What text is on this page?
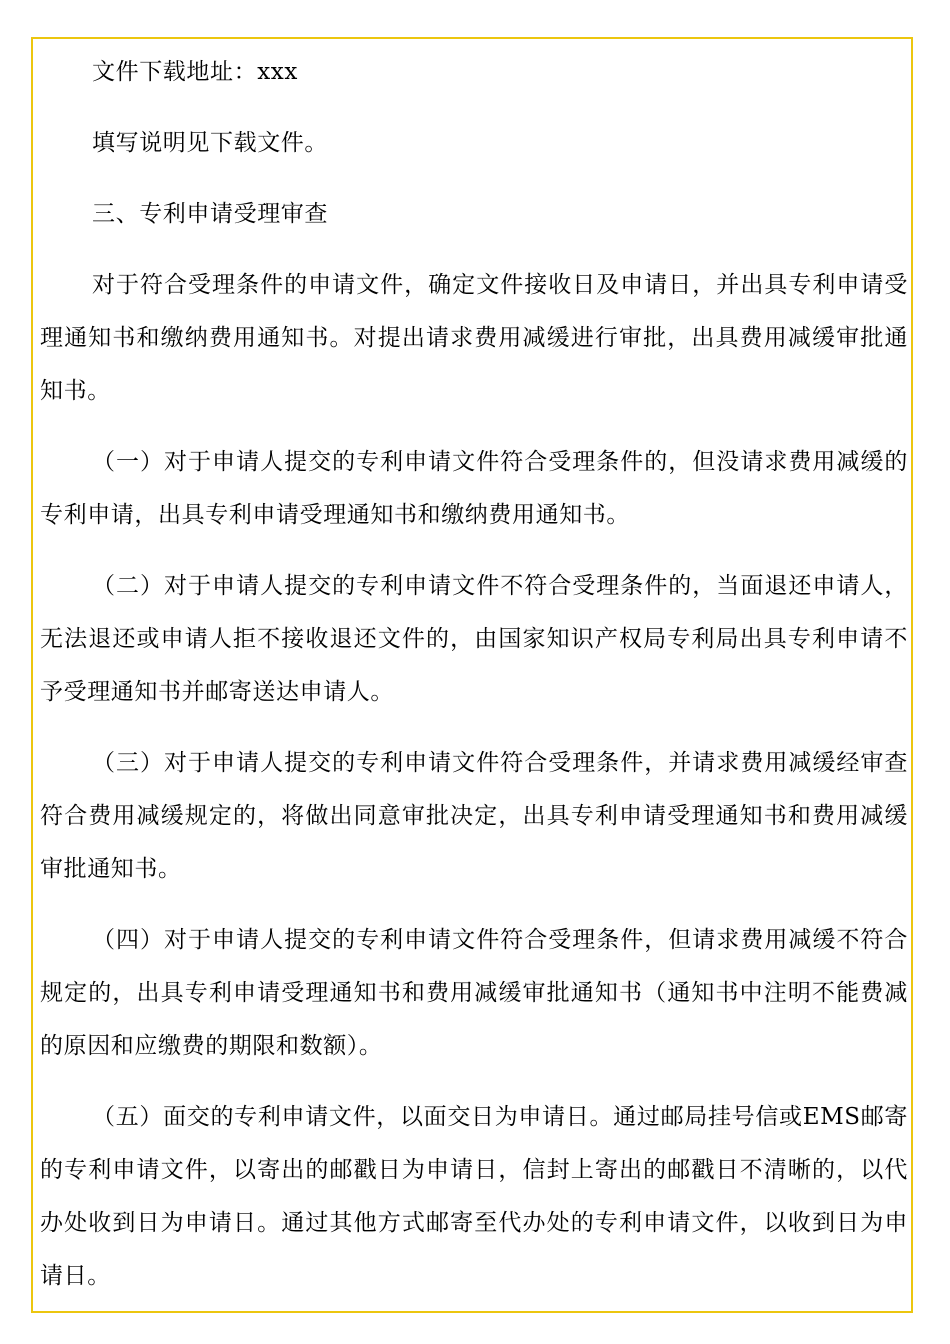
文件下载地址：xxx

填写说明见下载文件。

三、专利申请受理审查

对于符合受理条件的申请文件，确定文件接收日及申请日，并出具专利申请受理通知书和缴纳费用通知书。对提出请求费用减缓进行审批，出具费用减缓审批通知书。

（一）对于申请人提交的专利申请文件符合受理条件的，但没请求费用减缓的专利申请，出具专利申请受理通知书和缴纳费用通知书。

（二）对于申请人提交的专利申请文件不符合受理条件的，当面退还申请人，无法退还或申请人拒不接收退还文件的，由国家知识产权局专利局出具专利申请不予受理通知书并邮寄送达申请人。

（三）对于申请人提交的专利申请文件符合受理条件，并请求费用减缓经审查符合费用减缓规定的，将做出同意审批决定，出具专利申请受理通知书和费用减缓审批通知书。

（四）对于申请人提交的专利申请文件符合受理条件，但请求费用减缓不符合规定的，出具专利申请受理通知书和费用减缓审批通知书（通知书中注明不能费减的原因和应缴费的期限和数额）。

（五）面交的专利申请文件，以面交日为申请日。通过邮局挂号信或EMS邮寄的专利申请文件，以寄出的邮戳日为申请日，信封上寄出的邮戳日不清晰的，以代办处收到日为申请日。通过其他方式邮寄至代办处的专利申请文件，以收到日为申请日。
